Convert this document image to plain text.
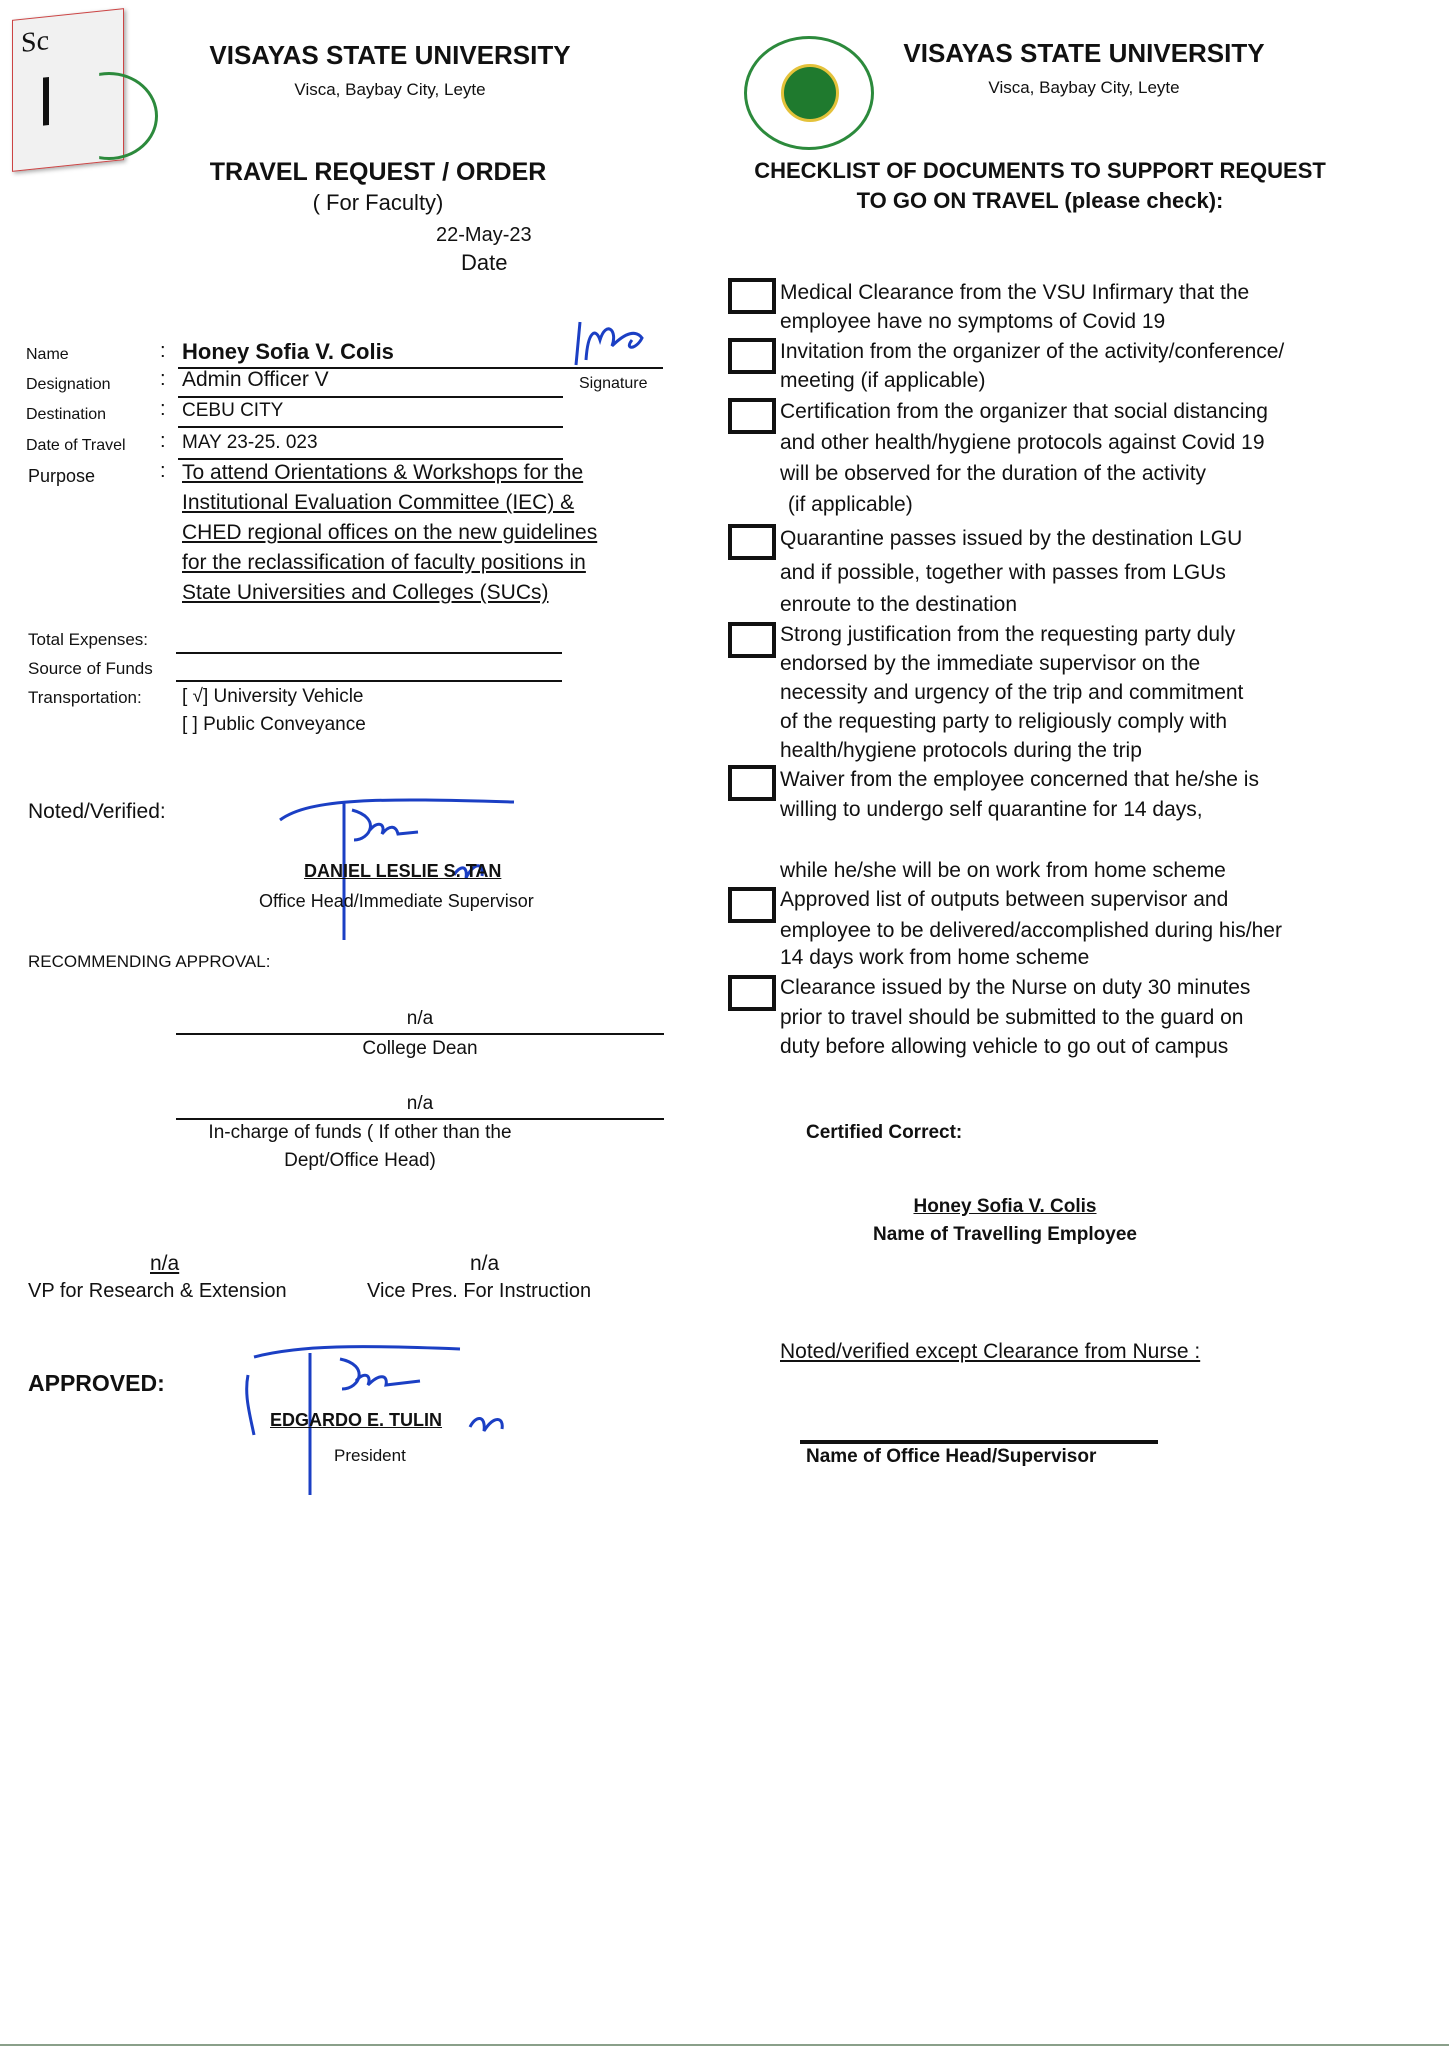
Sc	VISAYAS STATE UNIVERSITY
Visca, Baybay City, Leyte
TRAVEL REQUEST / ORDER
( For Faculty)
22-May-23
Date
Name	: Honey Sofia V. Colis
Signature
Designation : Admin Officer V
Destination	: CEBU CITY
Date of Travel : MAY 23-25. 023
Purpose	: To attend Orientations & Workshops for the
Institutional Evaluation Committee (IEC) &
CHED regional offices on the new guidelines
for the reclassification of faculty positions in
State Universities and Colleges (SUCs)
Total Expenses:
Source of Funds
Transportation: [ √] University Vehicle
[ ] Public Conveyance
Noted/Verified:
DANIEL LESLIE S. TAN
Office Head/Immediate Supervisor
RECOMMENDING APPROVAL:
n/a
College Dean
n/a
In-charge of funds ( If other than the
Dept/Office Head)
n/a
VP for Research & Extension
n/a
Vice Pres. For Instruction
APPROVED:
EDGARDO E. TULIN
President
VISAYAS STATE UNIVERSITY
Visca, Baybay City, Leyte
CHECKLIST OF DOCUMENTS TO SUPPORT REQUEST
TO GO ON TRAVEL (please check):
Medical Clearance from the VSU Infirmary that the
employee have no symptoms of Covid 19
Invitation from the organizer of the activity/conference/
meeting (if applicable)
Certification from the organizer that social distancing
and other health/hygiene protocols against Covid 19
will be observed for the duration of the activity
(if applicable)
Quarantine passes issued by the destination LGU
and if possible, together with passes from LGUs
enroute to the destination
Strong justification from the requesting party duly
endorsed by the immediate supervisor on the
necessity and urgency of the trip and commitment
of the requesting party to religiously comply with
health/hygiene protocols during the trip
Waiver from the employee concerned that he/she is
willing to undergo self quarantine for 14 days,
while he/she will be on work from home scheme
Approved list of outputs between supervisor and
employee to be delivered/accomplished during his/her
14 days work from home scheme
Clearance issued by the Nurse on duty 30 minutes
prior to travel should be submitted to the guard on
duty before allowing vehicle to go out of campus
Certified Correct:
Honey Sofia V. Colis
Name of Travelling Employee
Noted/verified except Clearance from Nurse :
Name of Office Head/Supervisor
